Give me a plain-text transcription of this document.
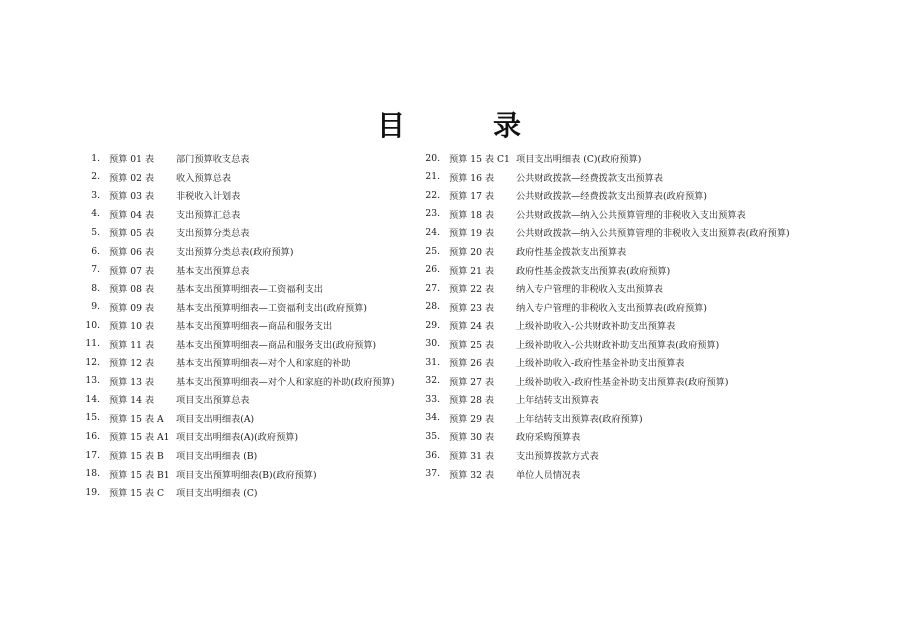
目　录
1. 预算 01 表	部门预算收支总表
2. 预算 02 表	收入预算总表
3. 预算 03 表	非税收入计划表
4. 预算 04 表	支出预算汇总表
5. 预算 05 表	支出预算分类总表
6. 预算 06 表	支出预算分类总表(政府预算)
7. 预算 07 表	基本支出预算总表
8. 预算 08 表	基本支出预算明细表—工资福利支出
9. 预算 09 表	基本支出预算明细表—工资福利支出(政府预算)
10. 预算 10 表	基本支出预算明细表—商品和服务支出
11. 预算 11 表	基本支出预算明细表—商品和服务支出(政府预算)
12. 预算 12 表	基本支出预算明细表—对个人和家庭的补助
13. 预算 13 表	基本支出预算明细表—对个人和家庭的补助(政府预算)
14. 预算 14 表	项目支出预算总表
15. 预算 15 表 A	项目支出明细表(A)
16. 预算 15 表 A1 项目支出明细表(A)(政府预算)
17. 预算 15 表 B	项目支出明细表 (B)
18. 预算 15 表 B1 项目支出预算明细表(B)(政府预算)
19. 预算 15 表 C	项目支出明细表 (C)
20. 预算 15 表 C1 项目支出明细表 (C)(政府预算)
21. 预算 16 表	公共财政拨款—经费拨款支出预算表
22. 预算 17 表	公共财政拨款—经费拨款支出预算表(政府预算)
23. 预算 18 表	公共财政拨款—纳入公共预算管理的非税收入支出预算表
24. 预算 19 表	公共财政拨款—纳入公共预算管理的非税收入支出预算表(政府预算)
25. 预算 20 表	政府性基金拨款支出预算表
26. 预算 21 表	政府性基金拨款支出预算表(政府预算)
27. 预算 22 表	纳入专户管理的非税收入支出预算表
28. 预算 23 表	纳入专户管理的非税收入支出预算表(政府预算)
29. 预算 24 表	上级补助收入-公共财政补助支出预算表
30. 预算 25 表	上级补助收入-公共财政补助支出预算表(政府预算)
31. 预算 26 表	上级补助收入-政府性基金补助支出预算表
32. 预算 27 表	上级补助收入-政府性基金补助支出预算表(政府预算)
33. 预算 28 表	上年结转支出预算表
34. 预算 29 表	上年结转支出预算表(政府预算)
35. 预算 30 表	政府采购预算表
36. 预算 31 表	支出预算拨款方式表
37. 预算 32 表	单位人员情况表
